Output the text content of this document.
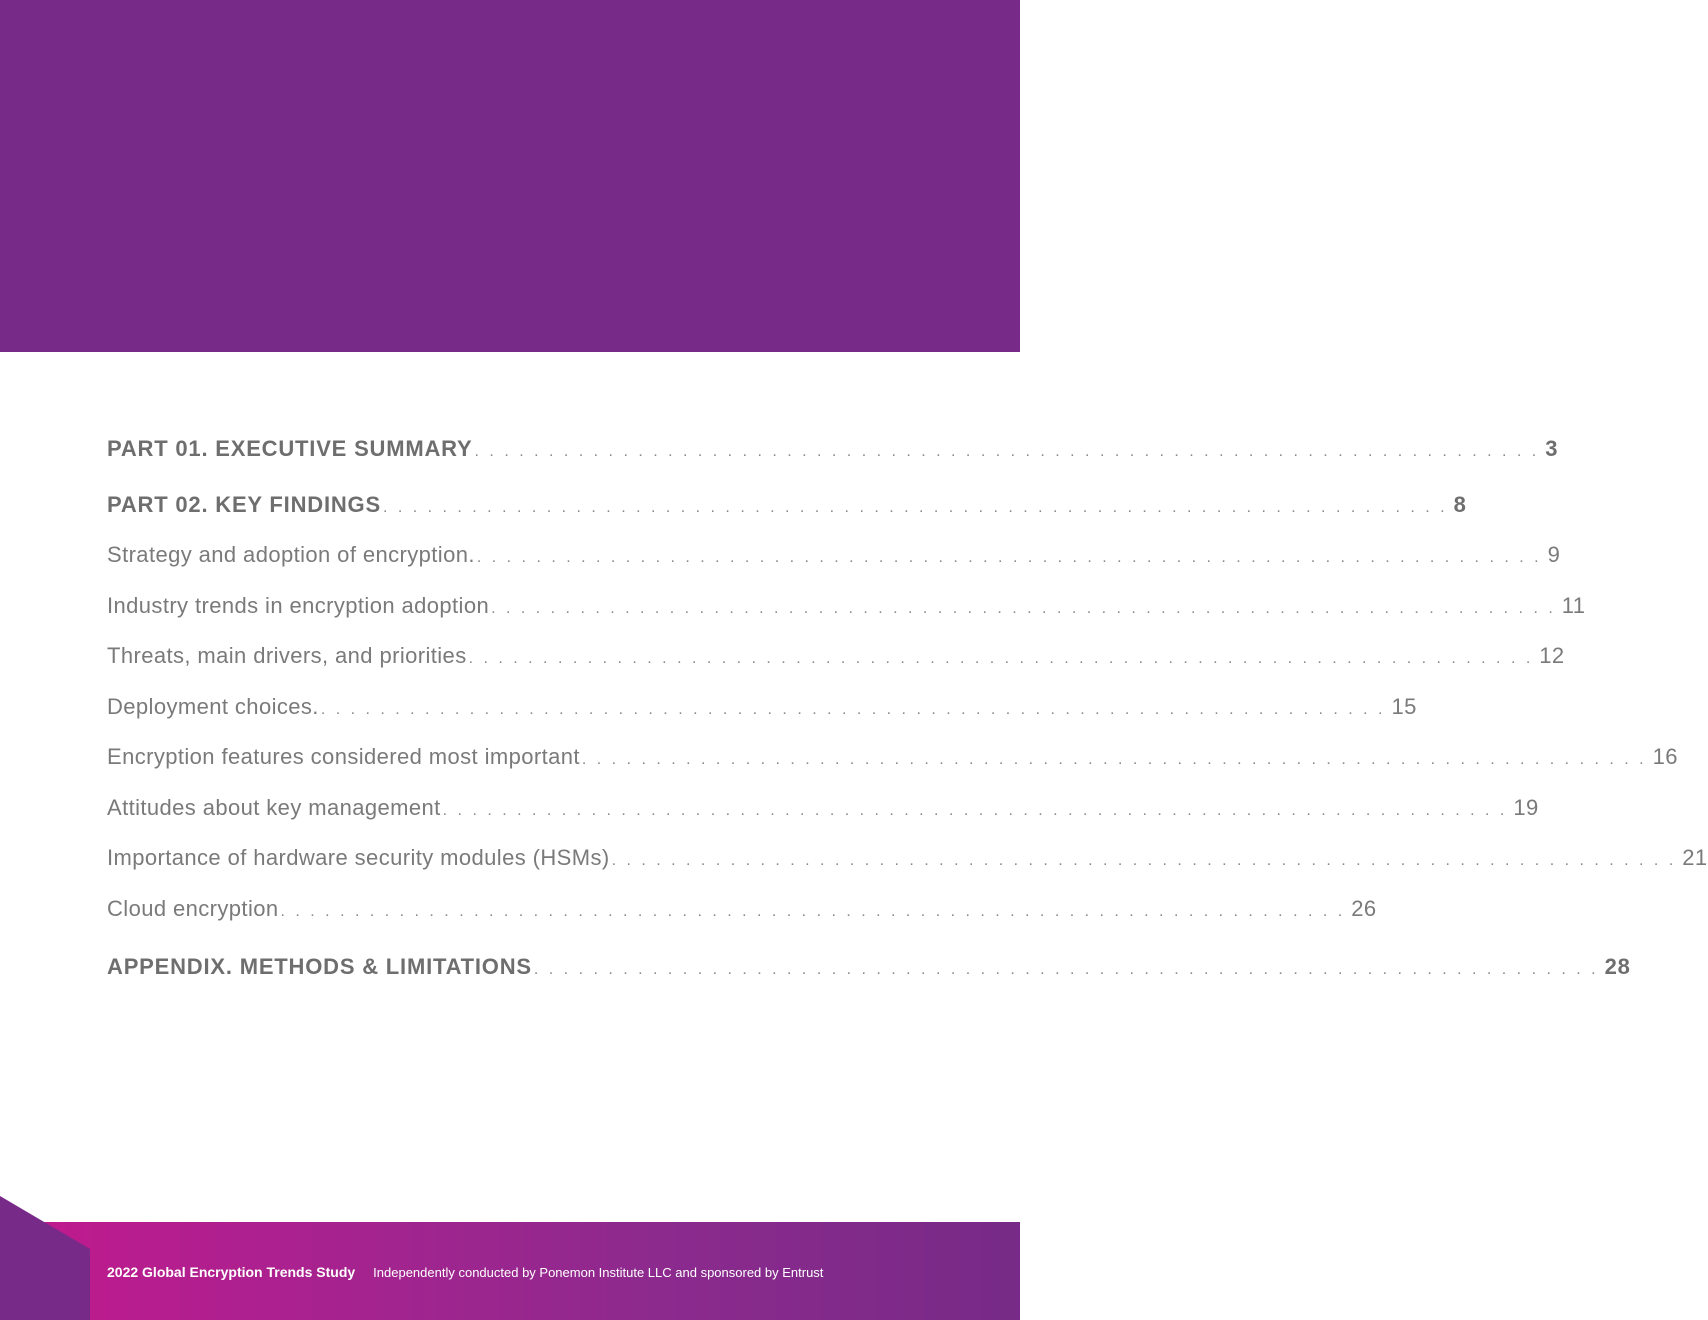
PART 01. EXECUTIVE SUMMARY . . . . . . . . . . . . . . . . . . . . . . . . . . . . . . . . . . . . . . . . . . . . . . . . . . . . . . . . . . . . . . . . . . . . . . . . 3
PART 02. KEY FINDINGS . . . . . . . . . . . . . . . . . . . . . . . . . . . . . . . . . . . . . . . . . . . . . . . . . . . . . . . . . . . . . . . . . . . . . . . . 8
Strategy and adoption of encryption. . . . . . . . . . . . . . . . . . . . . . . . . . . . . . . . . . . . . . . . . . . . . . . . . . . . . . . . . . . . . . . . . . . . . . . . . 9
Industry trends in encryption adoption . . . . . . . . . . . . . . . . . . . . . . . . . . . . . . . . . . . . . . . . . . . . . . . . . . . . . . . . . . . . . . . . . . . . . . . . 11
Threats, main drivers, and priorities . . . . . . . . . . . . . . . . . . . . . . . . . . . . . . . . . . . . . . . . . . . . . . . . . . . . . . . . . . . . . . . . . . . . . . . . 12
Deployment choices. . . . . . . . . . . . . . . . . . . . . . . . . . . . . . . . . . . . . . . . . . . . . . . . . . . . . . . . . . . . . . . . . . . . . . . . . 15
Encryption features considered most important . . . . . . . . . . . . . . . . . . . . . . . . . . . . . . . . . . . . . . . . . . . . . . . . . . . . . . . . . . . . . . . . . . . . . . . . 16
Attitudes about key management . . . . . . . . . . . . . . . . . . . . . . . . . . . . . . . . . . . . . . . . . . . . . . . . . . . . . . . . . . . . . . . . . . . . . . . . 19
Importance of hardware security modules (HSMs) . . . . . . . . . . . . . . . . . . . . . . . . . . . . . . . . . . . . . . . . . . . . . . . . . . . . . . . . . . . . . . . . . . . . . . . . 21
Cloud encryption . . . . . . . . . . . . . . . . . . . . . . . . . . . . . . . . . . . . . . . . . . . . . . . . . . . . . . . . . . . . . . . . . . . . . . . . 26
APPENDIX. METHODS & LIMITATIONS . . . . . . . . . . . . . . . . . . . . . . . . . . . . . . . . . . . . . . . . . . . . . . . . . . . . . . . . . . . . . . . . . . . . . . . . 28
2022 Global Encryption Trends Study Independently conducted by Ponemon Institute LLC and sponsored by Entrust
